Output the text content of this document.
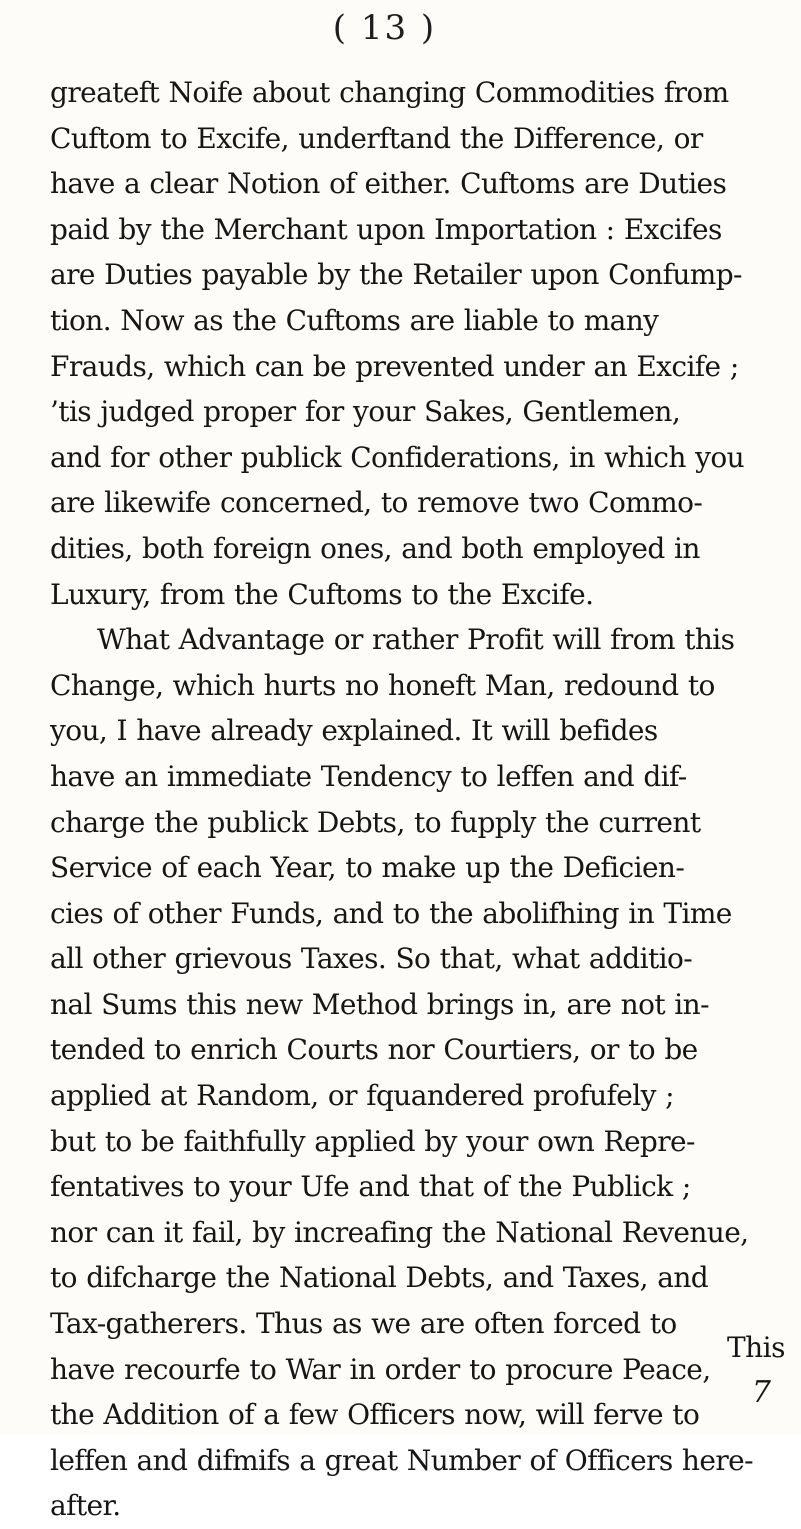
( 13 )
greateft Noife about changing Commodities from
Cuftom to Excife, underftand the Difference, or
have a clear Notion of either. Cuftoms are Duties
paid by the Merchant upon Importation : Excifes
are Duties payable by the Retailer upon Confump-
tion. Now as the Cuftoms are liable to many
Frauds, which can be prevented under an Excife ;
’tis judged proper for your Sakes, Gentlemen,
and for other publick Confiderations, in which you
are likewife concerned, to remove two Commo-
dities, both foreign ones, and both employed in
Luxury, from the Cuftoms to the Excife.
What Advantage or rather Profit will from this
Change, which hurts no honeft Man, redound to
you, I have already explained. It will befides
have an immediate Tendency to leffen and dif-
charge the publick Debts, to fupply the current
Service of each Year, to make up the Deficien-
cies of other Funds, and to the abolifhing in Time
all other grievous Taxes. So that, what additio-
nal Sums this new Method brings in, are not in-
tended to enrich Courts nor Courtiers, or to be
applied at Random, or fquandered profufely ;
but to be faithfully applied by your own Repre-
fentatives to your Ufe and that of the Publick ;
nor can it fail, by increafing the National Revenue,
to difcharge the National Debts, and Taxes, and
Tax-gatherers. Thus as we are often forced to
have recourfe to War in order to procure Peace,
the Addition of a few Officers now, will ferve to
leffen and difmifs a great Number of Officers here-
after.
This
7
